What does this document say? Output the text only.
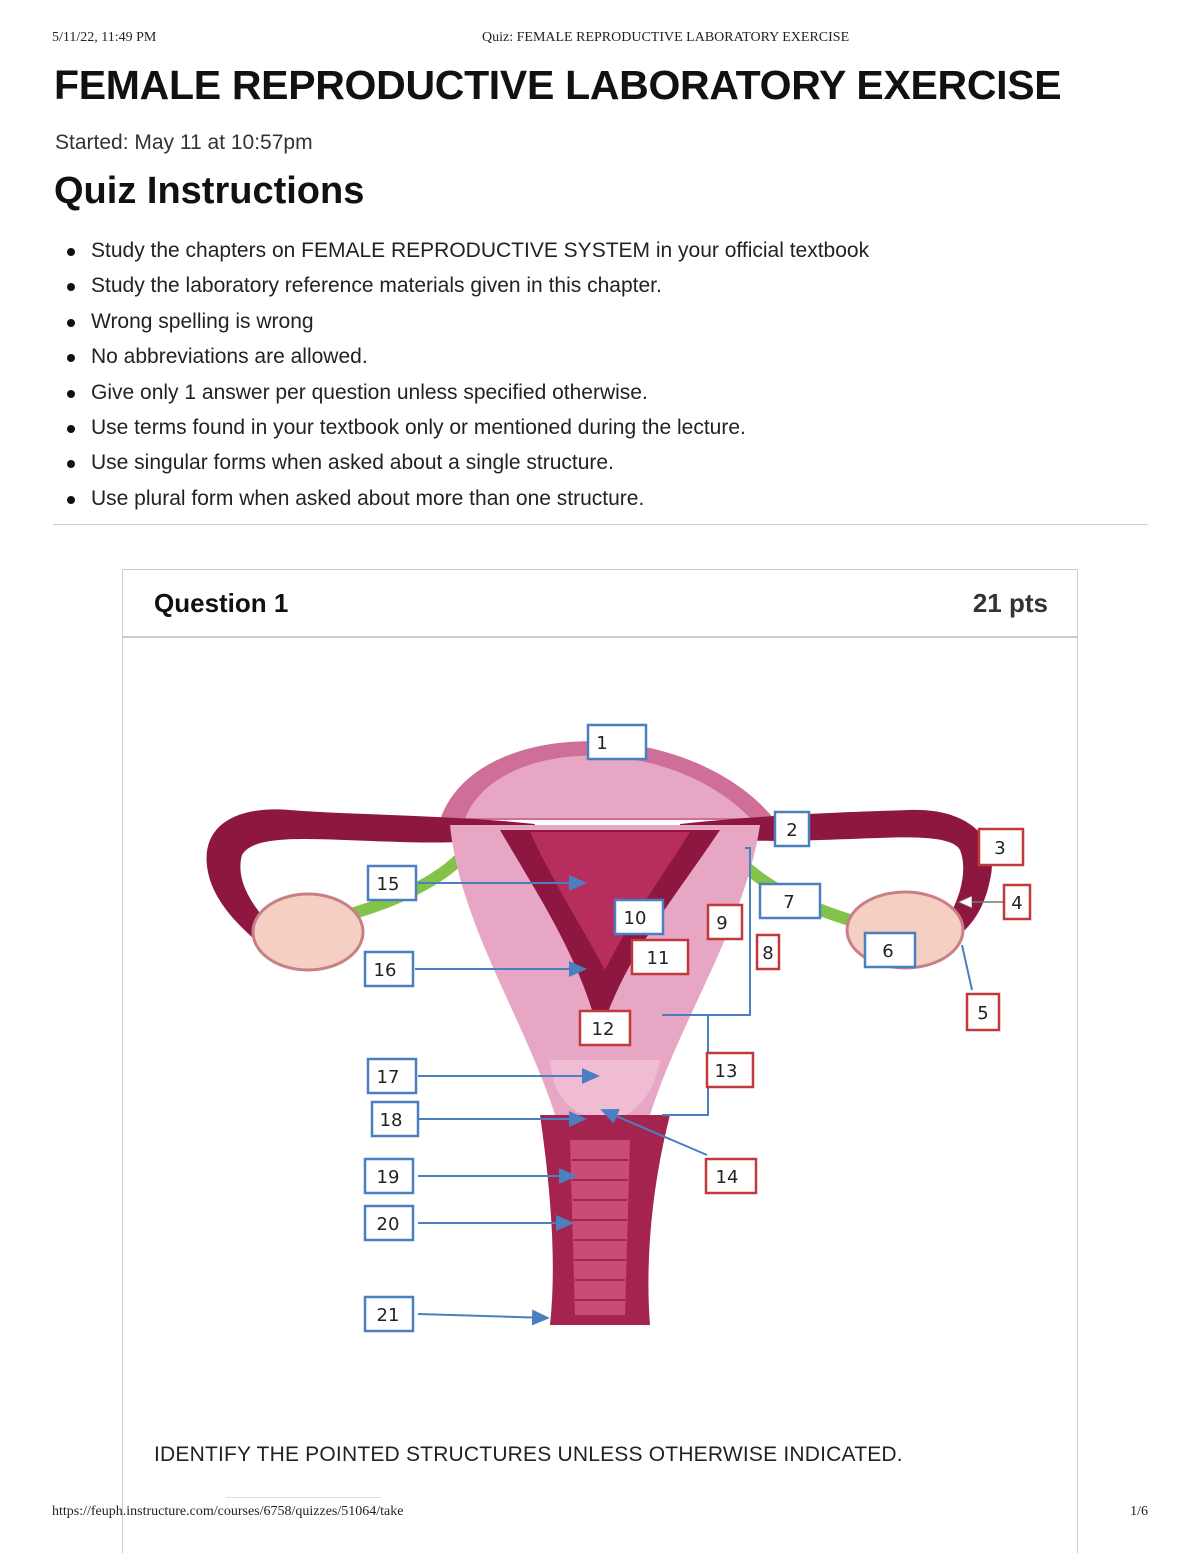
5/11/22, 11:49 PM	Quiz: FEMALE REPRODUCTIVE LABORATORY EXERCISE
FEMALE REPRODUCTIVE LABORATORY EXERCISE
Started: May 11 at 10:57pm
Quiz Instructions
Study the chapters on FEMALE REPRODUCTIVE SYSTEM in your official textbook
Study the laboratory reference materials given in this chapter.
Wrong spelling is wrong
No abbreviations are allowed.
Give only 1 answer per question unless specified otherwise.
Use terms found in your textbook only or mentioned during the lecture.
Use singular forms when asked about a single structure.
Use plural form when asked about more than one structure.
Question 1	21 pts
1
2
3
4
5
6
7
8
9
10
11
12
13
14
15
16
17
18
19
20
21
IDENTIFY THE POINTED STRUCTURES UNLESS OTHERWISE INDICATED.
https://feuph.instructure.com/courses/6758/quizzes/51064/take	1/6
